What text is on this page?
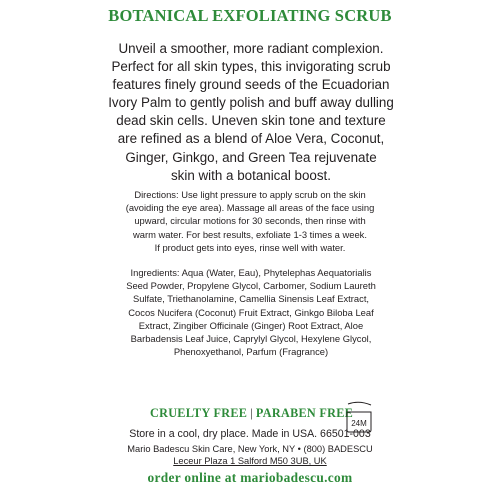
BOTANICAL EXFOLIATING SCRUB
Unveil a smoother, more radiant complexion.
Perfect for all skin types, this invigorating scrub
features finely ground seeds of the Ecuadorian
Ivory Palm to gently polish and buff away dulling
dead skin cells. Uneven skin tone and texture
are refined as a blend of Aloe Vera, Coconut,
Ginger, Ginkgo, and Green Tea rejuvenate
skin with a botanical boost.
Directions: Use light pressure to apply scrub on the skin
(avoiding the eye area). Massage all areas of the face using
upward, circular motions for 30 seconds, then rinse with
warm water. For best results, exfoliate 1-3 times a week.
If product gets into eyes, rinse well with water.
Ingredients: Aqua (Water, Eau), Phytelephas Aequatorialis
Seed Powder, Propylene Glycol, Carbomer, Sodium Laureth
Sulfate, Triethanolamine, Camellia Sinensis Leaf Extract,
Cocos Nucifera (Coconut) Fruit Extract, Ginkgo Biloba Leaf
Extract, Zingiber Officinale (Ginger) Root Extract, Aloe
Barbadensis Leaf Juice, Caprylyl Glycol, Hexylene Glycol,
Phenoxyethanol, Parfum (Fragrance)
CRUELTY FREE | PARABEN FREE
24M
Store in a cool, dry place. Made in USA. 66501-003
Mario Badescu Skin Care, New York, NY • (800) BADESCU
Leceur Plaza 1 Salford M50 3UB, UK
order online at mariobadescu.com
